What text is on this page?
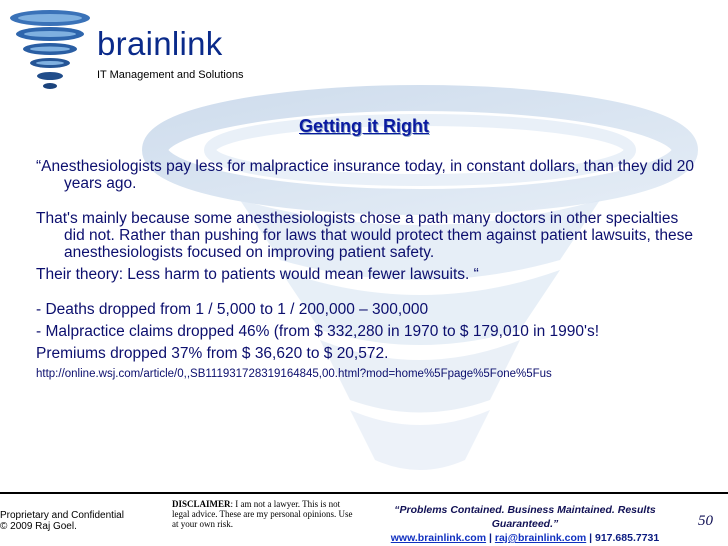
brainlink
IT Management and Solutions
Getting it Right

“Anesthesiologists pay less for malpractice insurance today, in constant dollars, than they did 20 years ago.

That's mainly because some anesthesiologists chose a path many doctors in other specialties did not. Rather than pushing for laws that would protect them against patient lawsuits, these anesthesiologists focused on improving patient safety.

Their theory: Less harm to patients would mean fewer lawsuits. “

- Deaths dropped from 1 / 5,000 to 1 / 200,000 – 300,000

- Malpractice claims dropped 46% (from $ 332,280 in 1970 to $ 179,010 in 1990's!

Premiums dropped 37% from $ 36,620 to $ 20,572.

http://online.wsj.com/article/0,,SB111931728319164845,00.html?mod=home%5Fpage%5Fone%5Fus

Proprietary and Confidential
© 2009 Raj Goel.
DISCLAIMER: I am not a lawyer. This is not legal advice. These are my personal opinions. Use at your own risk.
“Problems Contained. Business Maintained. Results Guaranteed.”
www.brainlink.com | raj@brainlink.com | 917.685.7731
50
